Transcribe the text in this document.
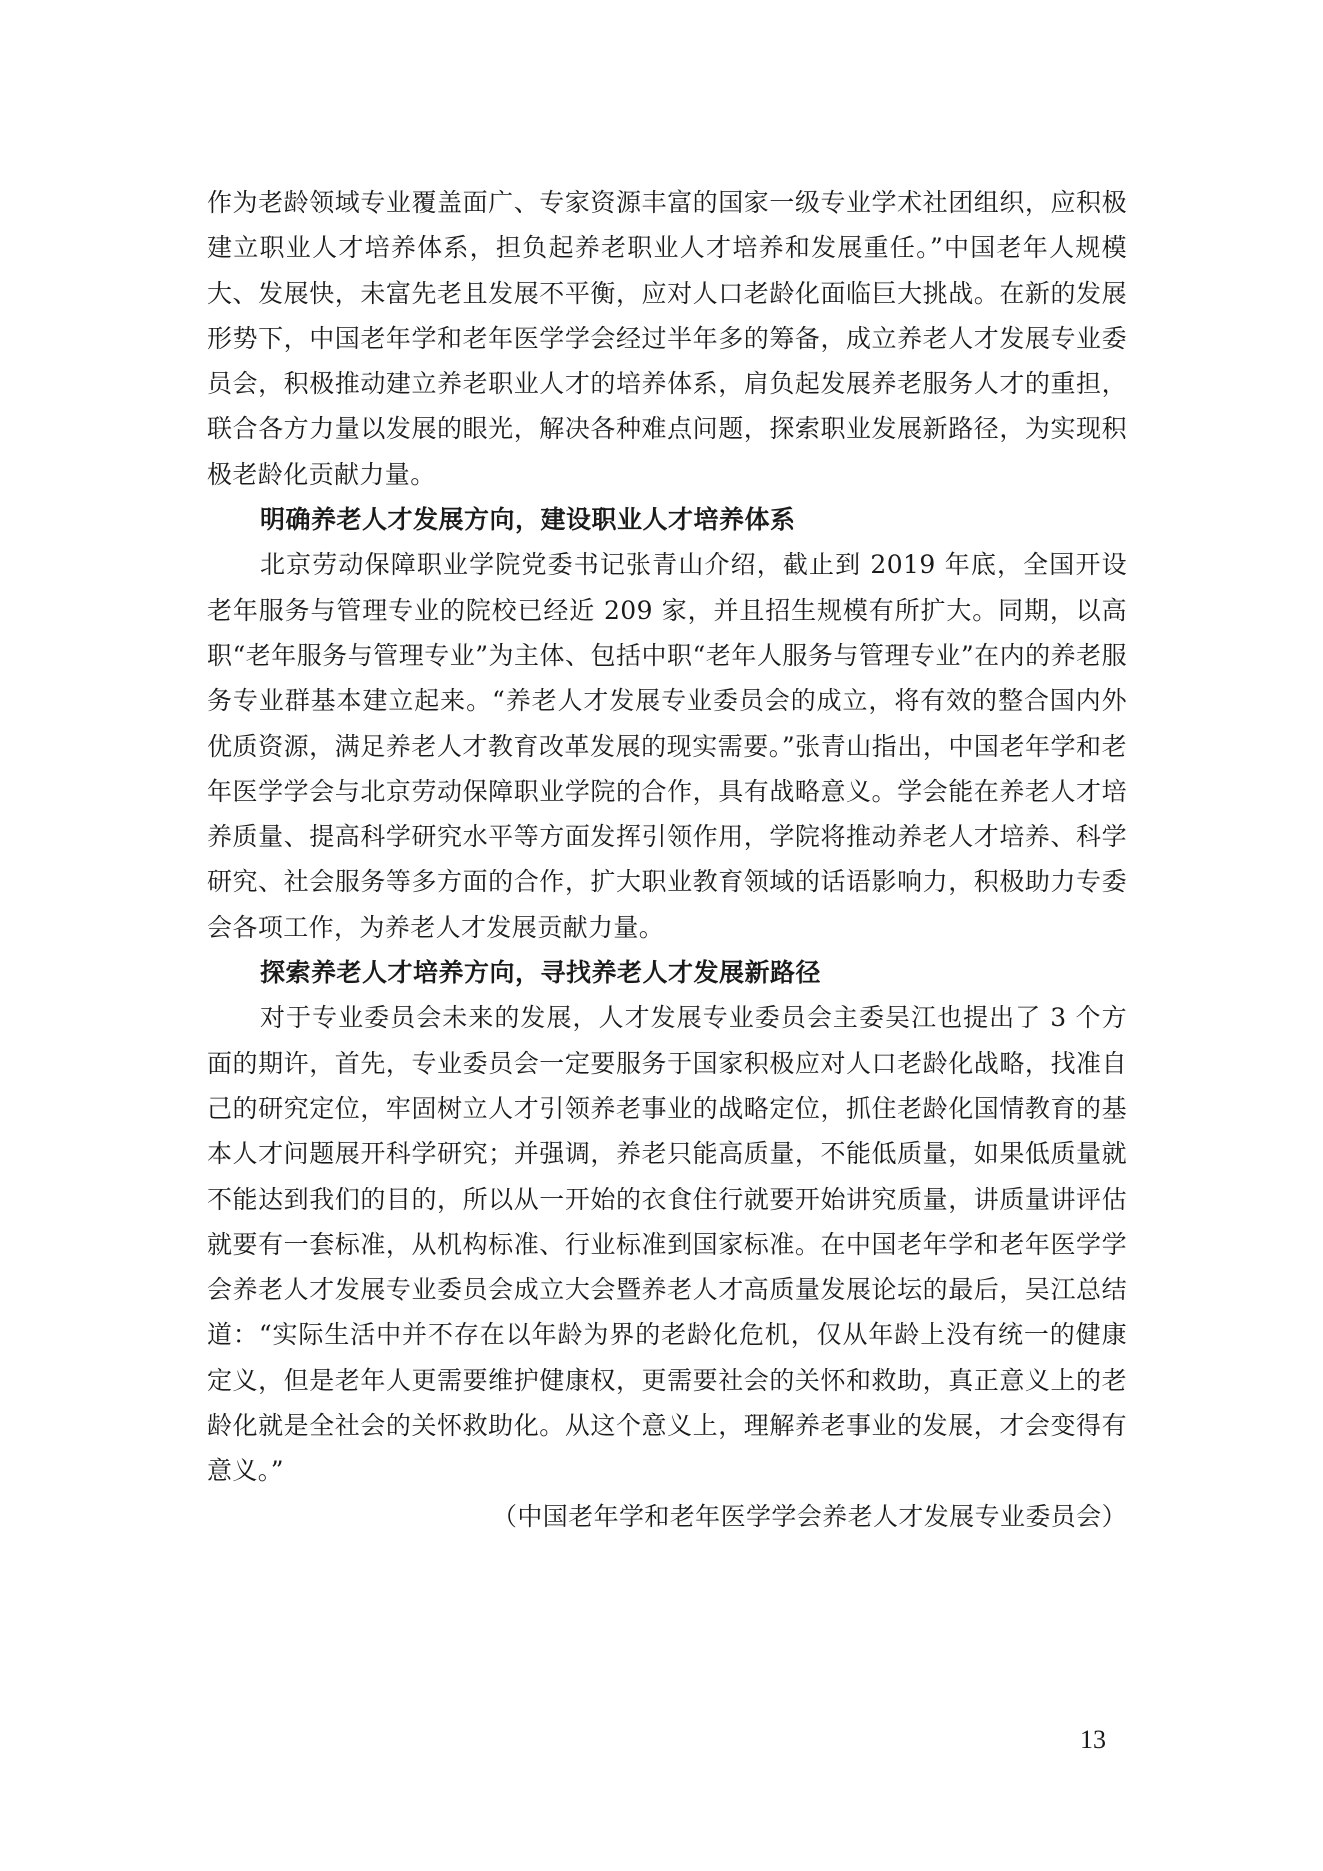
作为老龄领域专业覆盖面广、专家资源丰富的国家一级专业学术社团组织，应积极建立职业人才培养体系，担负起养老职业人才培养和发展重任。”中国老年人规模大、发展快，未富先老且发展不平衡，应对人口老龄化面临巨大挑战。在新的发展形势下，中国老年学和老年医学学会经过半年多的筹备，成立养老人才发展专业委员会，积极推动建立养老职业人才的培养体系，肩负起发展养老服务人才的重担，联合各方力量以发展的眼光，解决各种难点问题，探索职业发展新路径，为实现积极老龄化贡献力量。

明确养老人才发展方向，建设职业人才培养体系

北京劳动保障职业学院党委书记张青山介绍，截止到 2019 年底，全国开设老年服务与管理专业的院校已经近 209 家，并且招生规模有所扩大。同期，以高职“老年服务与管理专业”为主体、包括中职“老年人服务与管理专业”在内的养老服务专业群基本建立起来。“养老人才发展专业委员会的成立，将有效的整合国内外优质资源，满足养老人才教育改革发展的现实需要。”张青山指出，中国老年学和老年医学学会与北京劳动保障职业学院的合作，具有战略意义。学会能在养老人才培养质量、提高科学研究水平等方面发挥引领作用，学院将推动养老人才培养、科学研究、社会服务等多方面的合作，扩大职业教育领域的话语影响力，积极助力专委会各项工作，为养老人才发展贡献力量。

探索养老人才培养方向，寻找养老人才发展新路径

对于专业委员会未来的发展，人才发展专业委员会主委吴江也提出了 3 个方面的期许，首先，专业委员会一定要服务于国家积极应对人口老龄化战略，找准自己的研究定位，牢固树立人才引领养老事业的战略定位，抓住老龄化国情教育的基本人才问题展开科学研究；并强调，养老只能高质量，不能低质量，如果低质量就不能达到我们的目的，所以从一开始的衣食住行就要开始讲究质量，讲质量讲评估就要有一套标准，从机构标准、行业标准到国家标准。在中国老年学和老年医学学会养老人才发展专业委员会成立大会暨养老人才高质量发展论坛的最后，吴江总结道：“实际生活中并不存在以年龄为界的老龄化危机，仅从年龄上没有统一的健康定义，但是老年人更需要维护健康权，更需要社会的关怀和救助，真正意义上的老龄化就是全社会的关怀救助化。从这个意义上，理解养老事业的发展，才会变得有意义。”

（中国老年学和老年医学学会养老人才发展专业委员会）

13
